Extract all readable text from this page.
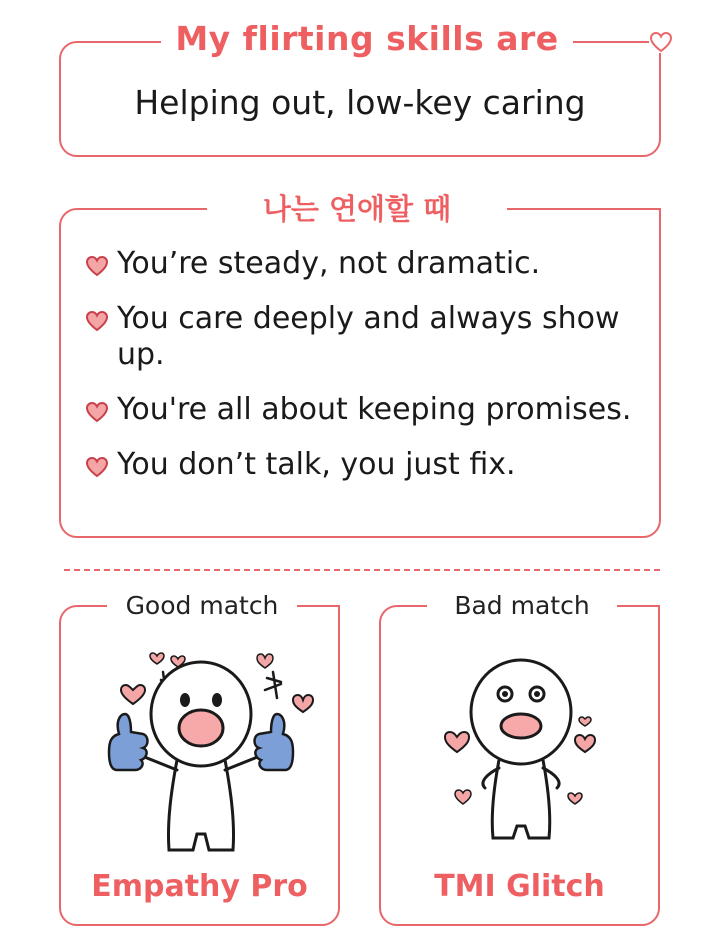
My flirting skills are
Helping out, low-key caring
나는 연애할 때
You’re steady, not dramatic.
You care deeply and always show up.
You're all about keeping promises.
You don’t talk, you just fix.
Good match
Empathy Pro
Bad match
TMI Glitch
